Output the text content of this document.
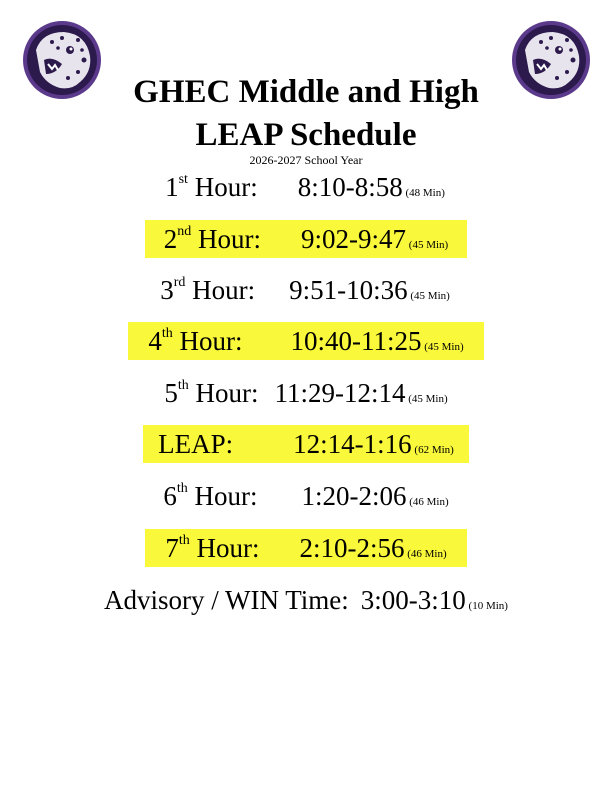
GHEC Middle and High
LEAP Schedule
2026-2027 School Year
1st Hour: 8:10-8:58 (48 Min)
2nd Hour: 9:02-9:47 (45 Min)
3rd Hour: 9:51-10:36 (45 Min)
4th Hour: 10:40-11:25 (45 Min)
5th Hour: 11:29-12:14 (45 Min)
LEAP: 12:14-1:16 (62 Min)
6th Hour: 1:20-2:06 (46 Min)
7th Hour: 2:10-2:56 (46 Min)
Advisory / WIN Time: 3:00-3:10 (10 Min)
